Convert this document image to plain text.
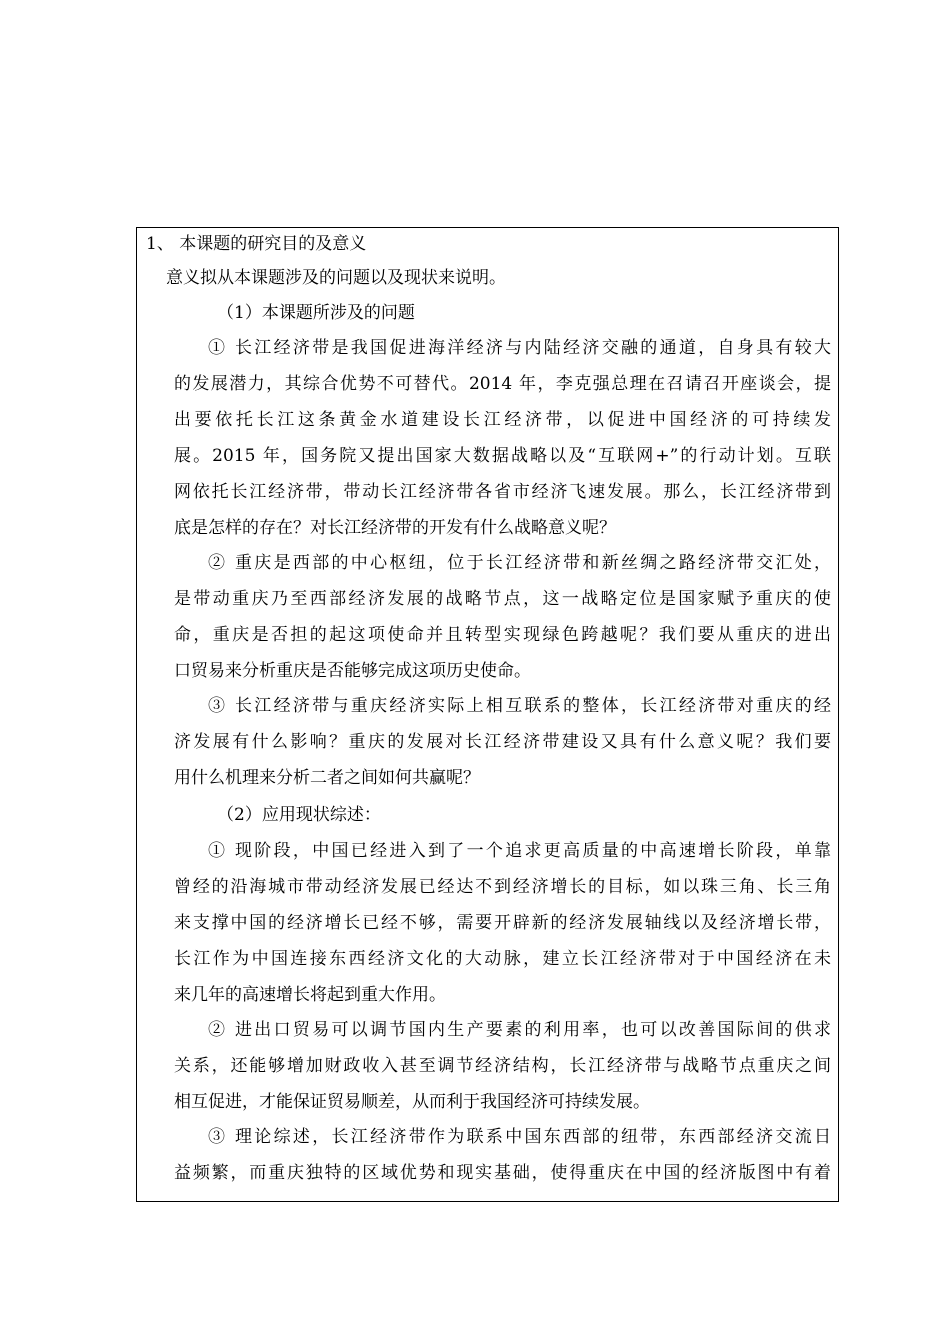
1、 本课题的研究目的及意义
意义拟从本课题涉及的问题以及现状来说明。
（1）本课题所涉及的问题
① 长江经济带是我国促进海洋经济与内陆经济交融的通道，自身具有较大
的发展潜力，其综合优势不可替代。2014 年，李克强总理在召请召开座谈会，提
出要依托长江这条黄金水道建设长江经济带，以促进中国经济的可持续发
展。2015 年，国务院又提出国家大数据战略以及“互联网+”的行动计划。互联
网依托长江经济带，带动长江经济带各省市经济飞速发展。那么，长江经济带到
底是怎样的存在？对长江经济带的开发有什么战略意义呢？
② 重庆是西部的中心枢纽，位于长江经济带和新丝绸之路经济带交汇处，
是带动重庆乃至西部经济发展的战略节点，这一战略定位是国家赋予重庆的使
命，重庆是否担的起这项使命并且转型实现绿色跨越呢？我们要从重庆的进出
口贸易来分析重庆是否能够完成这项历史使命。
③ 长江经济带与重庆经济实际上相互联系的整体，长江经济带对重庆的经
济发展有什么影响？重庆的发展对长江经济带建设又具有什么意义呢？我们要
用什么机理来分析二者之间如何共赢呢？
（2）应用现状综述：
① 现阶段，中国已经进入到了一个追求更高质量的中高速增长阶段，单靠
曾经的沿海城市带动经济发展已经达不到经济增长的目标，如以珠三角、长三角
来支撑中国的经济增长已经不够，需要开辟新的经济发展轴线以及经济增长带，
长江作为中国连接东西经济文化的大动脉，建立长江经济带对于中国经济在未
来几年的高速增长将起到重大作用。
② 进出口贸易可以调节国内生产要素的利用率，也可以改善国际间的供求
关系，还能够增加财政收入甚至调节经济结构，长江经济带与战略节点重庆之间
相互促进，才能保证贸易顺差，从而利于我国经济可持续发展。
③ 理论综述，长江经济带作为联系中国东西部的纽带，东西部经济交流日
益频繁，而重庆独特的区域优势和现实基础，使得重庆在中国的经济版图中有着
